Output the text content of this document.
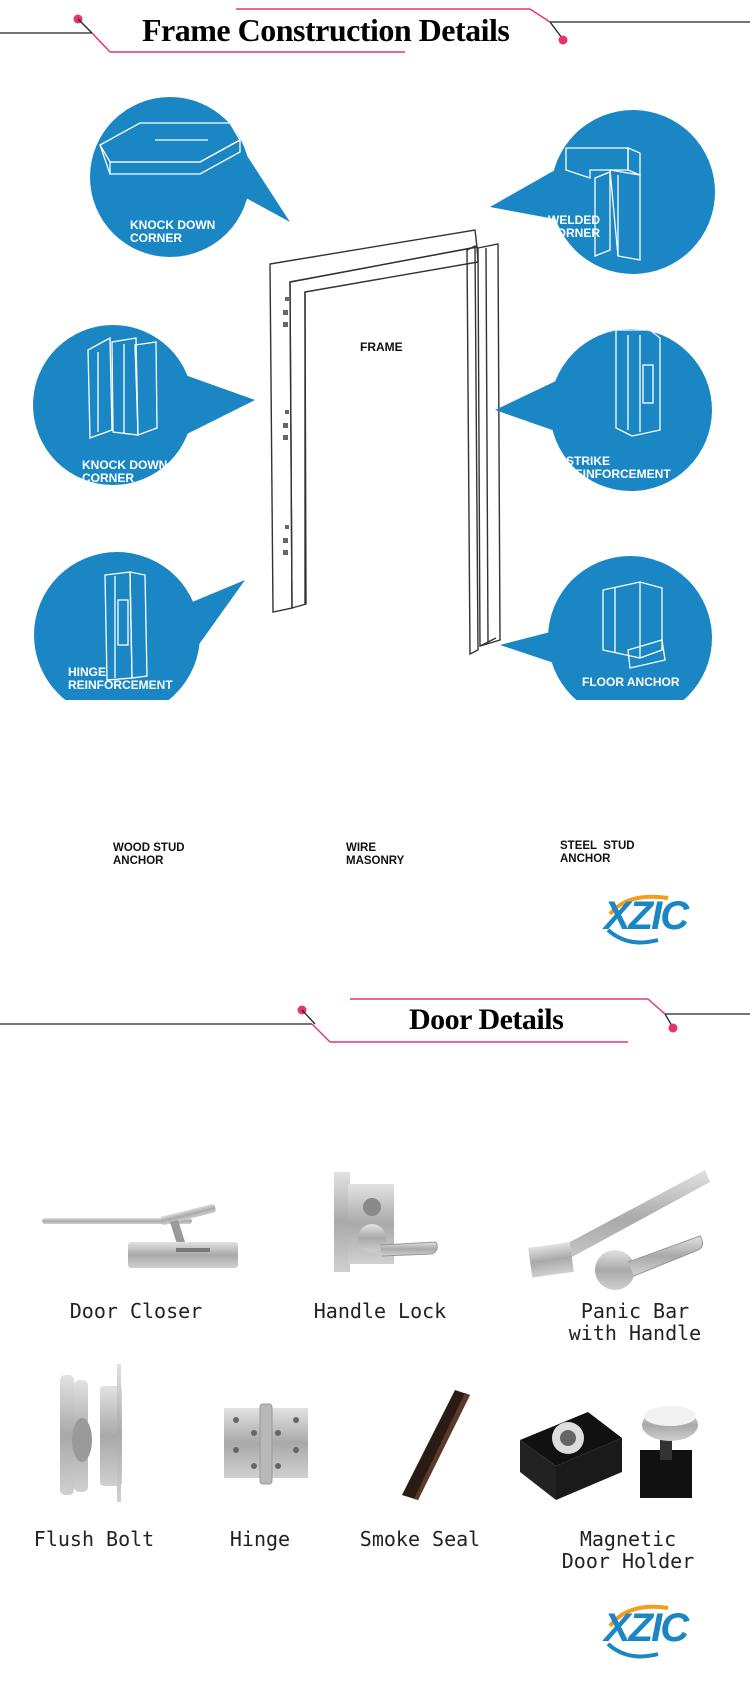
Frame Construction Details
FRAME
KNOCK DOWN
CORNER
WELDED
CORNER
KNOCK DOWN
CORNER
STRIKE
REINFORCEMENT
HINGE
REINFORCEMENT	FLOOR ANCHOR
WOOD STUD
ANCHOR
WIRE
MASONRY
STEEL  STUD
ANCHOR
XZIC
Door Details
Door Closer	Handle Lock	Panic Bar
with Handle
Flush Bolt	Hinge	Smoke Seal	Magnetic
Door Holder
XZIC
